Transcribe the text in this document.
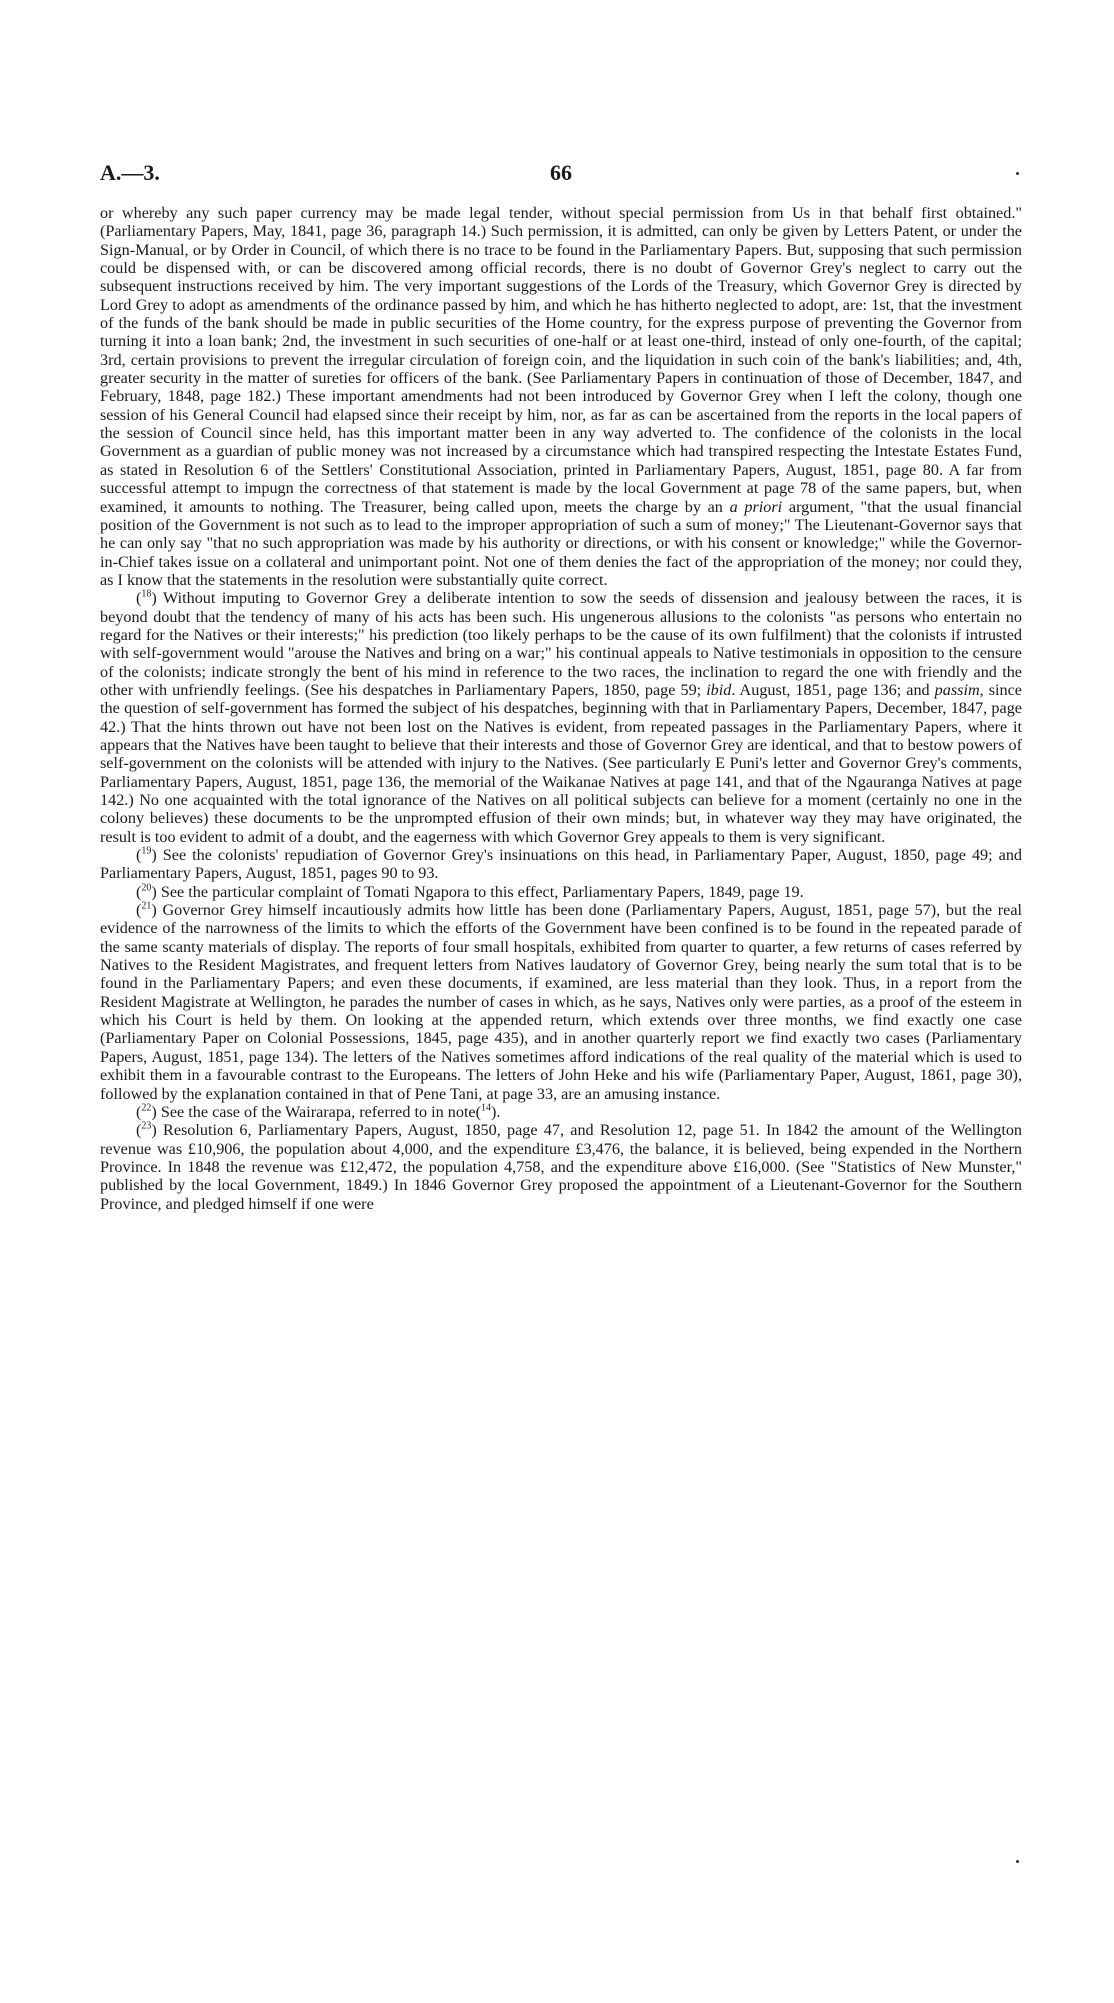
A.—3.	66

or whereby any such paper currency may be made legal tender, without special permission from Us in that behalf first obtained." (Parliamentary Papers, May, 1841, page 36, paragraph 14.) Such permission, it is admitted, can only be given by Letters Patent, or under the Sign-Manual, or by Order in Council, of which there is no trace to be found in the Parliamentary Papers. But, supposing that such permission could be dispensed with, or can be discovered among official records, there is no doubt of Governor Grey's neglect to carry out the subsequent instructions received by him. The very important suggestions of the Lords of the Treasury, which Governor Grey is directed by Lord Grey to adopt as amendments of the ordinance passed by him, and which he has hitherto neglected to adopt, are: 1st, that the investment of the funds of the bank should be made in public securities of the Home country, for the express purpose of preventing the Governor from turning it into a loan bank; 2nd, the investment in such securities of one-half or at least one-third, instead of only one-fourth, of the capital; 3rd, certain provisions to prevent the irregular circulation of foreign coin, and the liquidation in such coin of the bank's liabilities; and, 4th, greater security in the matter of sureties for officers of the bank. (See Parliamentary Papers in continuation of those of December, 1847, and February, 1848, page 182.) These important amendments had not been introduced by Governor Grey when I left the colony, though one session of his General Council had elapsed since their receipt by him, nor, as far as can be ascertained from the reports in the local papers of the session of Council since held, has this important matter been in any way adverted to. The confidence of the colonists in the local Government as a guardian of public money was not increased by a circumstance which had transpired respecting the Intestate Estates Fund, as stated in Resolution 6 of the Settlers' Constitutional Association, printed in Parliamentary Papers, August, 1851, page 80. A far from successful attempt to impugn the correctness of that statement is made by the local Government at page 78 of the same papers, but, when examined, it amounts to nothing. The Treasurer, being called upon, meets the charge by an a priori argument, "that the usual financial position of the Government is not such as to lead to the improper appropriation of such a sum of money;" The Lieutenant-Governor says that he can only say "that no such appropriation was made by his authority or directions, or with his consent or knowledge;" while the Governor-in-Chief takes issue on a collateral and unimportant point. Not one of them denies the fact of the appropriation of the money; nor could they, as I know that the statements in the resolution were substantially quite correct.

($^{18}$) Without imputing to Governor Grey a deliberate intention to sow the seeds of dissension and jealousy between the races, it is beyond doubt that the tendency of many of his acts has been such. His ungenerous allusions to the colonists "as persons who entertain no regard for the Natives or their interests;" his prediction (too likely perhaps to be the cause of its own fulfilment) that the colonists if intrusted with self-government would "arouse the Natives and bring on a war;" his continual appeals to Native testimonials in opposition to the censure of the colonists; indicate strongly the bent of his mind in reference to the two races, the inclination to regard the one with friendly and the other with unfriendly feelings. (See his despatches in Parliamentary Papers, 1850, page 59; ibid. August, 1851, page 136; and passim, since the question of self-government has formed the subject of his despatches, beginning with that in Parliamentary Papers, December, 1847, page 42.) That the hints thrown out have not been lost on the Natives is evident, from repeated passages in the Parliamentary Papers, where it appears that the Natives have been taught to believe that their interests and those of Governor Grey are identical, and that to bestow powers of self-government on the colonists will be attended with injury to the Natives. (See particularly E Puni's letter and Governor Grey's comments, Parliamentary Papers, August, 1851, page 136, the memorial of the Waikanae Natives at page 141, and that of the Ngauranga Natives at page 142.) No one acquainted with the total ignorance of the Natives on all political subjects can believe for a moment (certainly no one in the colony believes) these documents to be the unprompted effusion of their own minds; but, in whatever way they may have originated, the result is too evident to admit of a doubt, and the eagerness with which Governor Grey appeals to them is very significant.

($^{19}$) See the colonists' repudiation of Governor Grey's insinuations on this head, in Parliamentary Paper, August, 1850, page 49; and Parliamentary Papers, August, 1851, pages 90 to 93.

($^{20}$) See the particular complaint of Tomati Ngapora to this effect, Parliamentary Papers, 1849, page 19.

($^{21}$) Governor Grey himself incautiously admits how little has been done (Parliamentary Papers, August, 1851, page 57), but the real evidence of the narrowness of the limits to which the efforts of the Government have been confined is to be found in the repeated parade of the same scanty materials of display. The reports of four small hospitals, exhibited from quarter to quarter, a few returns of cases referred by Natives to the Resident Magistrates, and frequent letters from Natives laudatory of Governor Grey, being nearly the sum total that is to be found in the Parliamentary Papers; and even these documents, if examined, are less material than they look. Thus, in a report from the Resident Magistrate at Wellington, he parades the number of cases in which, as he says, Natives only were parties, as a proof of the esteem in which his Court is held by them. On looking at the appended return, which extends over three months, we find exactly one case (Parliamentary Paper on Colonial Possessions, 1845, page 435), and in another quarterly report we find exactly two cases (Parliamentary Papers, August, 1851, page 134). The letters of the Natives sometimes afford indications of the real quality of the material which is used to exhibit them in a favourable contrast to the Europeans. The letters of John Heke and his wife (Parliamentary Paper, August, 1861, page 30), followed by the explanation contained in that of Pene Tani, at page 33, are an amusing instance.

($^{22}$) See the case of the Wairarapa, referred to in note($^{14}$).

($^{23}$) Resolution 6, Parliamentary Papers, August, 1850, page 47, and Resolution 12, page 51. In 1842 the amount of the Wellington revenue was £10,906, the population about 4,000, and the expenditure £3,476, the balance, it is believed, being expended in the Northern Province. In 1848 the revenue was £12,472, the population 4,758, and the expenditure above £16,000. (See "Statistics of New Munster," published by the local Government, 1849.) In 1846 Governor Grey proposed the appointment of a Lieutenant-Governor for the Southern Province, and pledged himself if one were
